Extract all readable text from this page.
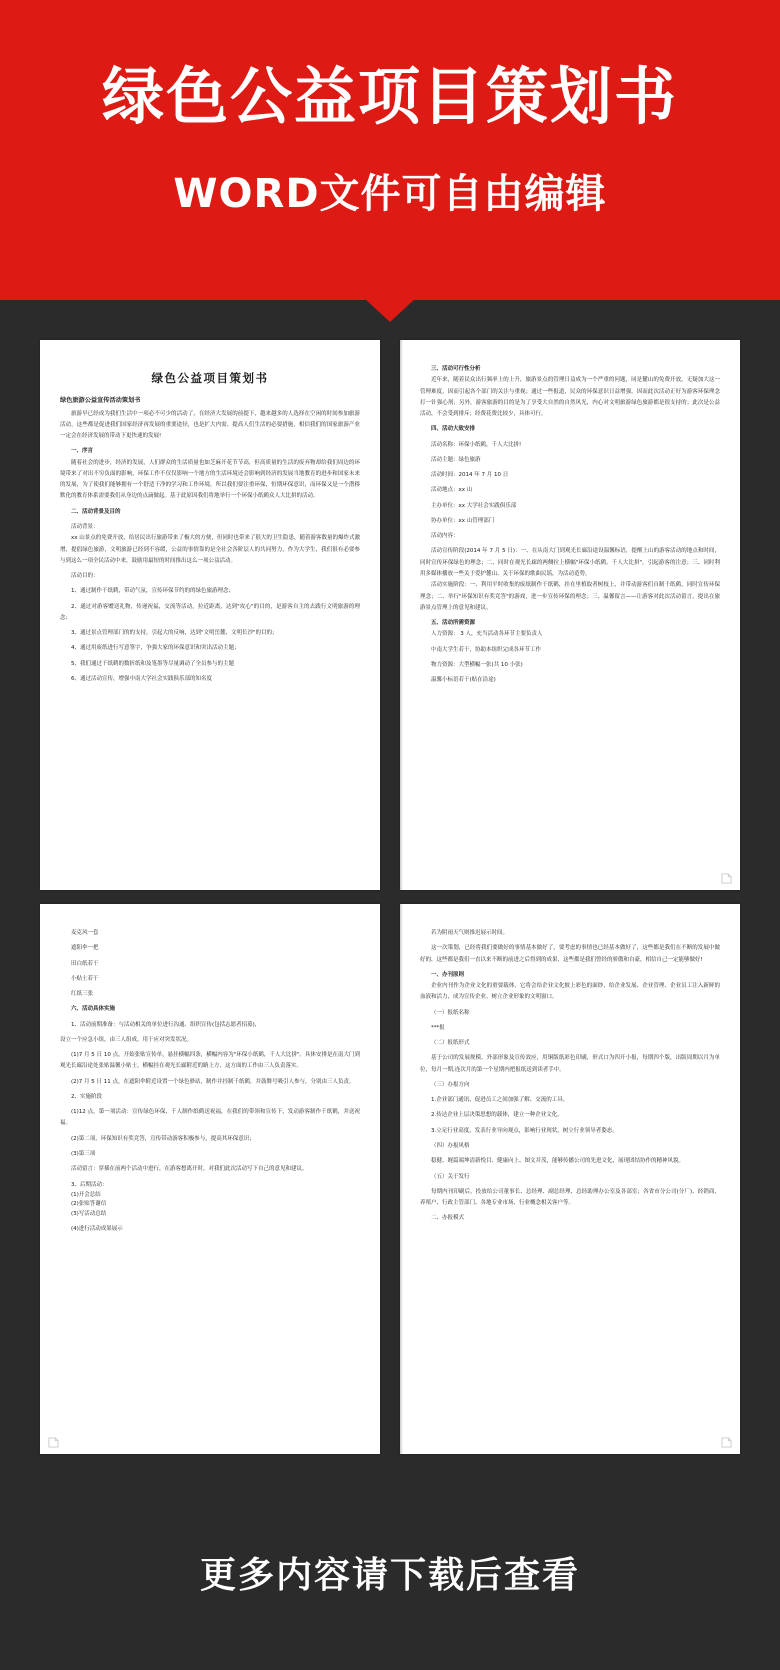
绿色公益项目策划书
WORD文件可自由编辑
绿色公益项目策划书
绿色旅游公益宣传活动策划书

旅游早已经成为我们生活中一项必不可少的活动了，在经济大发展的前提下，越来越多的人选择在空闲的时间参加旅游活动，这些都是促进我们国家经济再发展的重要途径，也是扩大内需、提高人们生活的必要措施，相信我们的国家旅游产业一定会在经济发展的带动下更快速的发展!

一、序言

随着社会的进步，经济的发展，人们群众的生活质量也如芝麻开花节节高，但高质量的生活的废弃物却给我们周边的环境带来了对出不穷负面的影响，环保工作不仅仅影响一个地方的生活环境还会影响到经济的发展当地教育的进步和国家未来的发展，为了使我们能够拥有一个舒适干净的学习和工作环境，所以我们要注重环保，恒期环保意识，而环保又是一个潜移默化的教育体系需要我们从身边的点滴做起。基于此原因我们将地举行一个环保小纸鹤众人大比拼的活动。

二、活动背景及目的

活动背景：

xx 山景点的免费开放，给居民出行旅游带来了极大的方便，但同时也带来了很大的卫生隐患，随着游客数量的爆炸式激增，提倡绿色旅游，文明旅游已经到不容缓，公益的事情靠的是全社会各阶层人的共同努力，作为大学生，我们很有必要参与到这么一项全民活动中来，鼓励用最短的时间推出这么一项公益活动。

活动目的：

1、通过制作千纸鹤，带动气氛，宣传环保节约的的绿色旅游理念；

2、通过对游客赠送礼物，传递祝福，交流等活动，拉近距离，达到"攻心"的目的，是游客自主的去践行文明旅游的理念；

3、通过景点管理部门的的支持，引起大的反响，达到"文明岳麓、文明长沙"的目的；

4、通过用废纸进行写意签字，争强大家的环保意识和突出活动主题；

5、我们通过千纸鹤的数折纸和及笔墨等尽量调动了全员参与的主题

6、通过活动宣传，增强中南大学社会实践俱乐部的知名度

三、活动可行性分析

近年来，随着民众出行频率上的上升，旅游景点的管理日益成为一个严重的问题，同是麓山的免费开放，无疑加大这一管理难度，因而引起各个部门的关注与重视；通过一些报道，民众的环保意识日益增强，因而此次活动正好为游客环保理念打一针强心剂；另外，游客旅游的目的是为了享受大自然的自然风光，内心对文明旅游绿色旅游都是很支持的；此次是公益活动，不会受到排斥；经费花费比较少，具体可行。

四、活动大致安排

活动名称：环保小纸鹤，千人大比拼!

活动主题：绿色旅游

活动时间：2014 年 7 月 10 日

活动地点：xx 山

主办单位：xx 大学社会实践俱乐部

协办单位：xx 山管理部门

活动内容：

活动宣传阶段(2014 年 7 月 5 日)：一、在从南大门到观光长廊沿途设温馨标语，提醒上山的游客活动的地点和时间，同时宣传环保绿色的理念；二、同时在观光长廊的两侧拉上横幅"环保小纸鹤，千人大比拼"，引起游客的注意；三、同时利用多媒体播放一些关于爱护麓山、关于环保的歌曲民谣，为活动造势。

活动实施阶段：一、利用平时收集的废纸制作千纸鹤，挂在里植取者树枝上，并带动游客们自制千纸鹤，同时宣传环保理念；二、举行"环保知识有奖竞答"的游戏，进一步宣传环保的理念；三、温馨留言——让游客对此次活动留言，提出在旅游景点管理上的意见和建议。

五、活动所需资源

人力资源： 3 人，充当活动各环节主要负责人

中南大学生若干，协助本组织完成各环节工作

物力资源：大型横幅一张(共 10 小张)

温馨小标语若干(贴在沿途)

麦克风一套

遮阳伞一把

旧白纸若干

小贴士若干

红纸三张

六、活动具体实施

1、活动前期准备：与活动相关的单位进行沟通、组织宣传(包括志愿者招募)，

设立一个应急小组，由三人组成，用于应对突发状况。

(1)7 月 5 日 10 点，开始张贴宣传单，悬挂横幅四条，横幅内容为"环保小纸鹤，千人大比拼"。具体安排是在南大门到观光长廊沿途处张贴温馨小贴士，横幅挂在观光长廊附近的路上方，这方面的工作由三人负责落实。

(2)7 月 5 日 11 点，在遮阳伞附近设置一个绿色驿站，制作并挂制千纸鹤，并鼓舞号吸引人参与，分别由三人负责。

2、实施阶段

(1)12 点，第一项活动：宣传绿色环保，千人制作纸鹤送祝福，在我们的带领和宣传下，发动游客制作千纸鹤，并送祝福。

(2)第二项，环保知识有奖竞答，宣传带动游客积极参与，提高其环保意识；

(3)第三项

活动留言：穿插在前两个活动中进行，在游客想离开时，对我们此次活动写下自己的意见和建议。

3、后期活动：

(1)开会总结

(2)张贴答谢信

(3)写活动总结

(4)进行活动成果展示

若为阴雨天气则推迟展示时间。

这一次策划，已经将我们要做好的事情基本做好了，要考虑的事情也已经基本做好了，这些都是我们在不断的发展中做好的，这些都是我们一直以来不断的前进之后得到的成果，这些都是我们曾经的骄傲和自豪，相信自己一定能够做好!

一、办刊原则

企业内刊作为企业文化的重要载体，它将会给企业文化披上彩色的面纱，给企业发展、企业管理、企业员工注入新鲜的血液和活力，成为宣传企业、树立企业形象的文明窗口。

（一）报纸名称

***报

（二）报纸形式

基于公司的发展规模、外部形象及宣传效应，用铜版纸彩色印刷，形式口为四开小报，每期四个版，出版周期以月为单位，每月一期,连次月的第一个星期内把报纸送到读者手中。

（三）办报方向

1.企业部门通讯、促进员工之间加强了解、交流的工具。

2.传达企业上层决策思想的载体，建立一种企业文化。

3.立足行业高度，发表行业导向观点，影响行业现状，树立行业领导者姿态。

（四）办报风格

稳健、娓篇端坤清新悦目、健康向上、图文并茂，能够传播公司的先进文化，展现团结协作的精神风貌。

（五）关于发行

每期内刊印刷后，投放给公司董事长、总经理、副总经理、总经助理办公室及各部室；各省市分公司(分厂)、经销商、养殖户、行政主管部门、各地专业市场、行业概念相关客户等。

二、办报模式

更多内容请下载后查看
